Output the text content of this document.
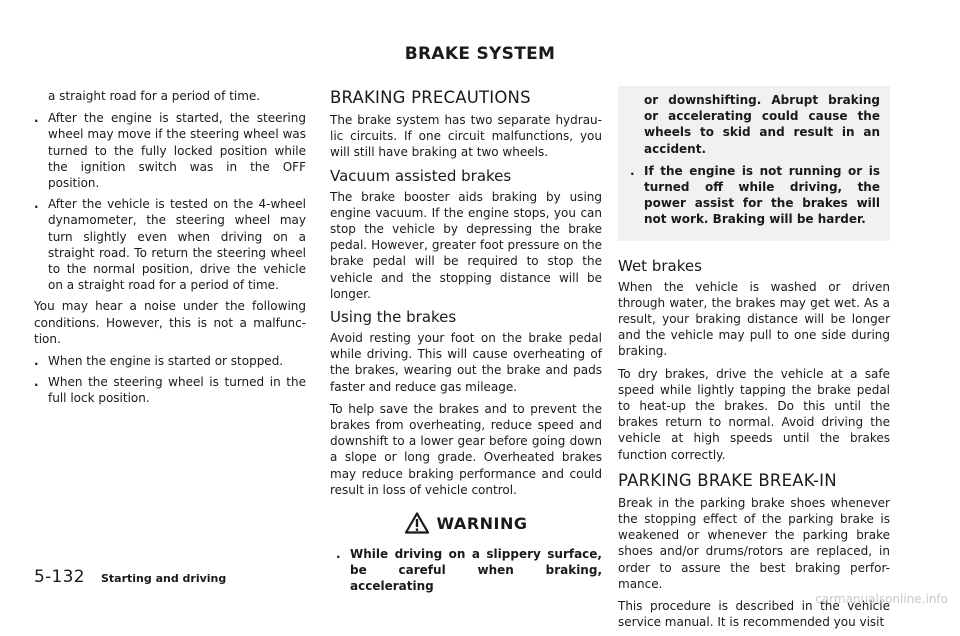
BRAKE SYSTEM

a straight road for a period of time.

. After the engine is started, the steering wheel may move if the steering wheel was turned to the fully locked position while the ignition switch was in the OFF position.
. After the vehicle is tested on the 4-wheel dynamometer, the steering wheel may turn slightly even when driving on a straight road. To return the steering wheel to the normal position, drive the vehicle on a straight road for a period of time.

You may hear a noise under the following conditions. However, this is not a malfunc-tion.

. When the engine is started or stopped.
. When the steering wheel is turned in the full lock position.
BRAKING PRECAUTIONS

The brake system has two separate hydrau-lic circuits. If one circuit malfunctions, you will still have braking at two wheels.

Vacuum assisted brakes

The brake booster aids braking by using engine vacuum. If the engine stops, you can stop the vehicle by depressing the brake pedal. However, greater foot pressure on the brake pedal will be required to stop the vehicle and the stopping distance will be longer.

Using the brakes

Avoid resting your foot on the brake pedal while driving. This will cause overheating of the brakes, wearing out the brake and pads faster and reduce gas mileage.

To help save the brakes and to prevent the brakes from overheating, reduce speed and downshift to a lower gear before going down a slope or long grade. Overheated brakes may reduce braking performance and could result in loss of vehicle control.

WARNING
. While driving on a slippery surface, be careful when braking, accelerating

or downshifting. Abrupt braking or accelerating could cause the wheels to skid and result in an accident.

. If the engine is not running or is turned off while driving, the power assist for the brakes will not work. Braking will be harder.
Wet brakes

When the vehicle is washed or driven through water, the brakes may get wet. As a result, your braking distance will be longer and the vehicle may pull to one side during braking.

To dry brakes, drive the vehicle at a safe speed while lightly tapping the brake pedal to heat-up the brakes. Do this until the brakes return to normal. Avoid driving the vehicle at high speeds until the brakes function correctly.

PARKING BRAKE BREAK-IN

Break in the parking brake shoes whenever the stopping effect of the parking brake is weakened or whenever the parking brake shoes and/or drums/rotors are replaced, in order to assure the best braking perfor-mance.

This procedure is described in the vehicle service manual. It is recommended you visit

5-132 Starting and driving
carmanualsonline.info
